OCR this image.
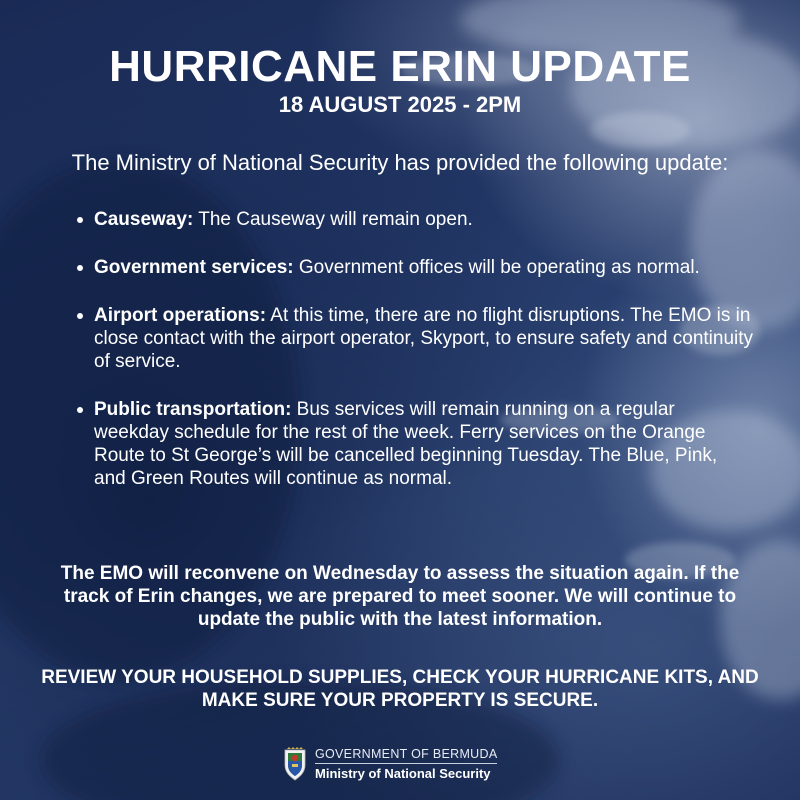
HURRICANE ERIN UPDATE
18 AUGUST 2025 - 2PM

The Ministry of National Security has provided the following update:

Causeway: The Causeway will remain open.
Government services: Government offices will be operating as normal.
Airport operations: At this time, there are no flight disruptions. The EMO is in close contact with the airport operator, Skyport, to ensure safety and continuity of service.
Public transportation: Bus services will remain running on a regular weekday schedule for the rest of the week. Ferry services on the Orange Route to St George’s will be cancelled beginning Tuesday. The Blue, Pink, and Green Routes will continue as normal.

The EMO will reconvene on Wednesday to assess the situation again. If the track of Erin changes, we are prepared to meet sooner. We will continue to update the public with the latest information.

REVIEW YOUR HOUSEHOLD SUPPLIES, CHECK YOUR HURRICANE KITS, AND MAKE SURE YOUR PROPERTY IS SECURE.

GOVERNMENT OF BERMUDA
Ministry of National Security
